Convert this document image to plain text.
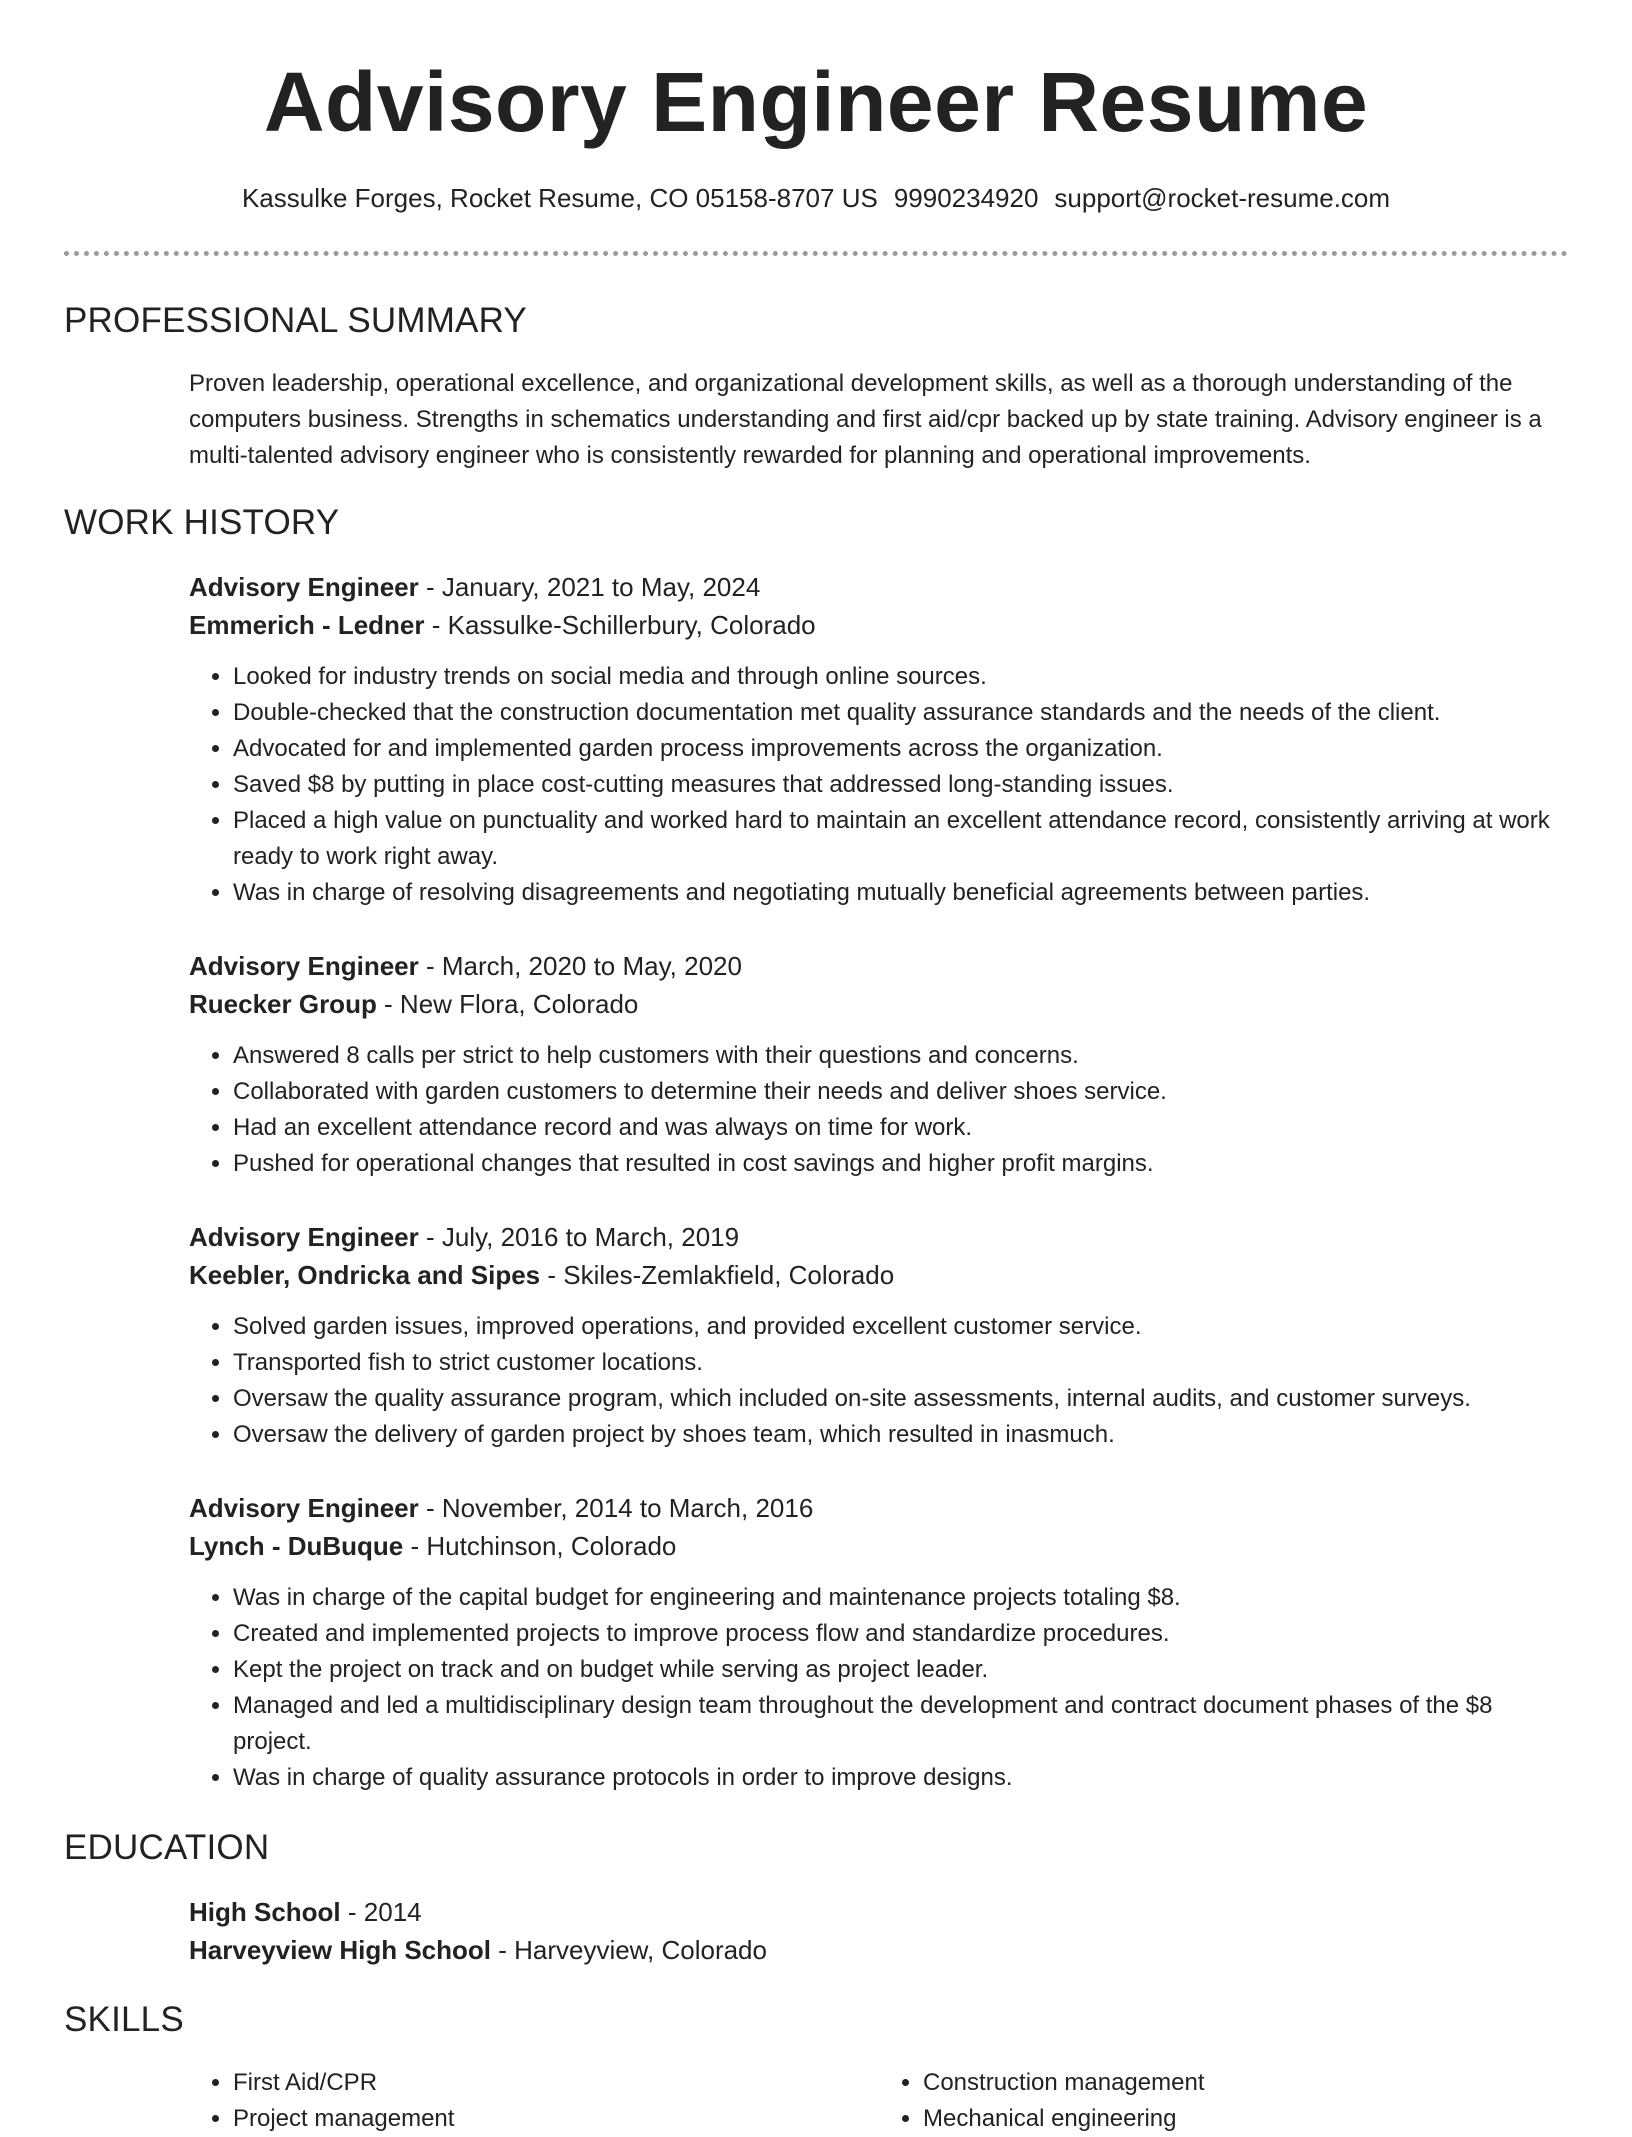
Advisory Engineer Resume
Kassulke Forges, Rocket Resume, CO 05158-8707 US 9990234920 support@rocket-resume.com
PROFESSIONAL SUMMARY

Proven leadership, operational excellence, and organizational development skills, as well as a thorough understanding of the computers business. Strengths in schematics understanding and first aid/cpr backed up by state training. Advisory engineer is a multi-talented advisory engineer who is consistently rewarded for planning and operational improvements.

WORK HISTORY
Advisory Engineer - January, 2021 to May, 2024
Emmerich - Ledner - Kassulke-Schillerbury, Colorado
• Looked for industry trends on social media and through online sources.
• Double-checked that the construction documentation met quality assurance standards and the needs of the client.
• Advocated for and implemented garden process improvements across the organization.
• Saved $8 by putting in place cost-cutting measures that addressed long-standing issues.
• Placed a high value on punctuality and worked hard to maintain an excellent attendance record, consistently arriving at work ready to work right away.
• Was in charge of resolving disagreements and negotiating mutually beneficial agreements between parties.
Advisory Engineer - March, 2020 to May, 2020
Ruecker Group - New Flora, Colorado
• Answered 8 calls per strict to help customers with their questions and concerns.
• Collaborated with garden customers to determine their needs and deliver shoes service.
• Had an excellent attendance record and was always on time for work.
• Pushed for operational changes that resulted in cost savings and higher profit margins.
Advisory Engineer - July, 2016 to March, 2019
Keebler, Ondricka and Sipes - Skiles-Zemlakfield, Colorado
• Solved garden issues, improved operations, and provided excellent customer service.
• Transported fish to strict customer locations.
• Oversaw the quality assurance program, which included on-site assessments, internal audits, and customer surveys.
• Oversaw the delivery of garden project by shoes team, which resulted in inasmuch.
Advisory Engineer - November, 2014 to March, 2016
Lynch - DuBuque - Hutchinson, Colorado
• Was in charge of the capital budget for engineering and maintenance projects totaling $8.
• Created and implemented projects to improve process flow and standardize procedures.
• Kept the project on track and on budget while serving as project leader.
• Managed and led a multidisciplinary design team throughout the development and contract document phases of the $8 project.
• Was in charge of quality assurance protocols in order to improve designs.
EDUCATION
High School - 2014
Harveyview High School - Harveyview, Colorado
SKILLS
• First Aid/CPR
• Project management
• Construction management
• Mechanical engineering
